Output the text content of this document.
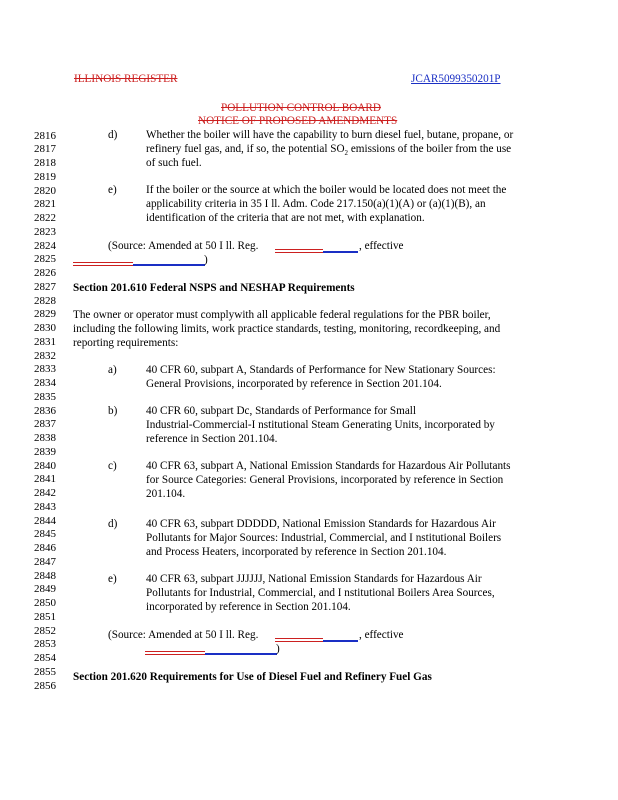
ILLINOIS REGISTER	JCAR5099350201P
POLLUTION CONTROL BOARD
NOTICE OF PROPOSED AMENDMENTS
2816
2817
2818
2819
2820
2821
2822
2823
2824
2825
2826
2827
2828
2829
2830
2831
2832
2833
2834
2835
2836
2837
2838
2839
2840
2841
2842
2843
2844
2845
2846
2847
2848
2849
2850
2851
2852
2853
2854
2855
2856
d)	Whether the boiler will have the capability to burn diesel fuel, butane, propane, or
refinery fuel gas, and, if so, the potential $SO_2$ emissions of the boiler from the use
of such fuel.
e)	If the boiler or the source at which the boiler would be located does not meet the
applicability criteria in 35 I ll. Adm. Code 217.150(a)(1)(A) or (a)(1)(B), an
identification of the criteria that are not met, with explanation.
(Source: Amended at 50 I ll. Reg.	, effective
)
Section 201.610 Federal NSPS and NESHAP Requirements
The owner or operator must complywith all applicable federal regulations for the PBR boiler,
including the following limits, work practice standards, testing, monitoring, recordkeeping, and
reporting requirements:
a)	40 CFR 60, subpart A, Standards of Performance for New Stationary Sources:
General Provisions, incorporated by reference in Section 201.104.
b)	40 CFR 60, subpart Dc, Standards of Performance for Small
Industrial-Commercial-I nstitutional Steam Generating Units, incorporated by
reference in Section 201.104.
c)	40 CFR 63, subpart A, National Emission Standards for Hazardous Air Pollutants
for Source Categories: General Provisions, incorporated by reference in Section
201.104.
d)	40 CFR 63, subpart DDDDD, National Emission Standards for Hazardous Air
Pollutants for Major Sources: Industrial, Commercial, and I nstitutional Boilers
and Process Heaters, incorporated by reference in Section 201.104.
e)	40 CFR 63, subpart JJJJJJ, National Emission Standards for Hazardous Air
Pollutants for Industrial, Commercial, and I nstitutional Boilers Area Sources,
incorporated by reference in Section 201.104.
(Source: Amended at 50 I ll. Reg.	, effective
)
Section 201.620 Requirements for Use of Diesel Fuel and Refinery Fuel Gas
